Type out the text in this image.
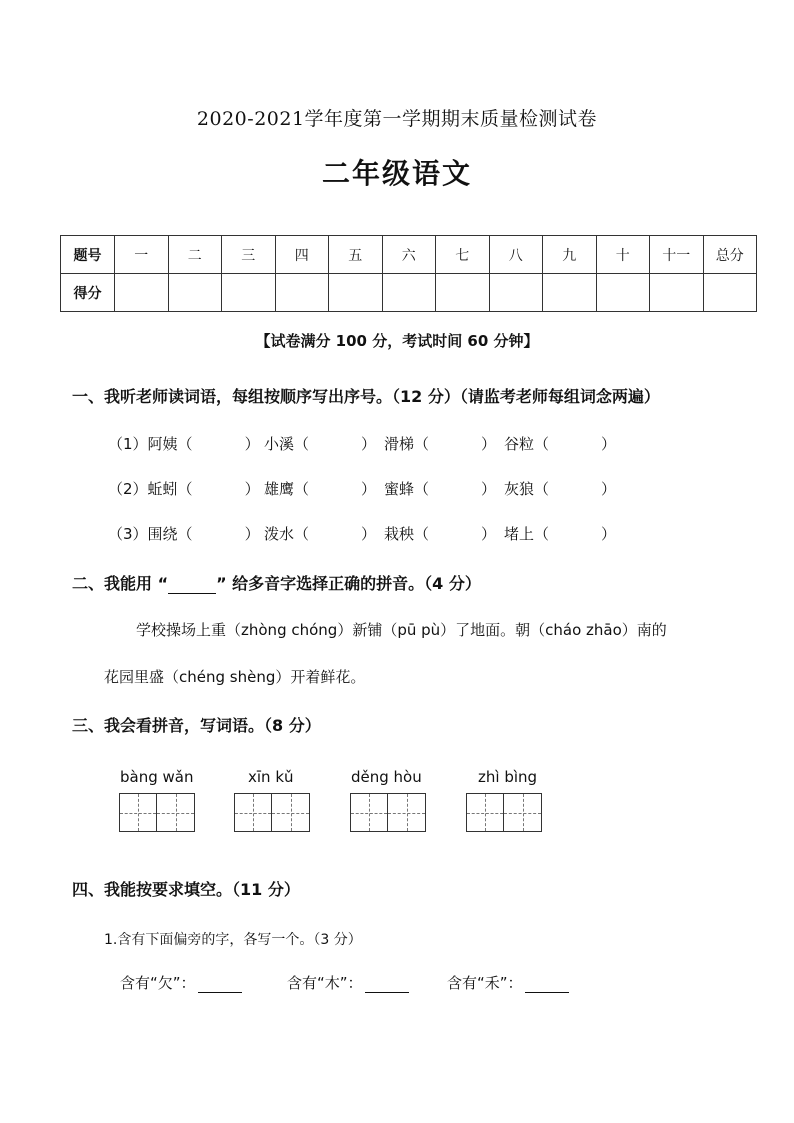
2020-2021学年度第一学期期末质量检测试卷
二年级语文
题号	一	二	三	四	五	六	七	八	九	十	十一	总分
得分												
【试卷满分 100 分，考试时间 60 分钟】
一、我听老师读词语，每组按顺序写出序号。（12 分）（请监考老师每组词念两遍）
（1）阿姨（	） 小溪（	） 滑梯（	） 谷粒（	）
（2）蚯蚓（	） 雄鹰（	） 蜜蜂（	） 灰狼（	）
（3）围绕（	） 泼水（	） 栽秧（	） 堵上（	）
二、我能用 “	” 给多音字选择正确的拼音。（4 分）
学校操场上重（zhòng chóng）新铺（pū pù）了地面。朝（cháo zhāo）南的
花园里盛（chéng shèng）开着鲜花。
三、我会看拼音，写词语。（8 分）
bàng wǎn	xīn kǔ	děng hòu	zhì bìng
四、我能按要求填空。（11 分）
1.含有下面偏旁的字，各写一个。（3 分）
含有“欠”：	含有“木”：	含有“禾”：
